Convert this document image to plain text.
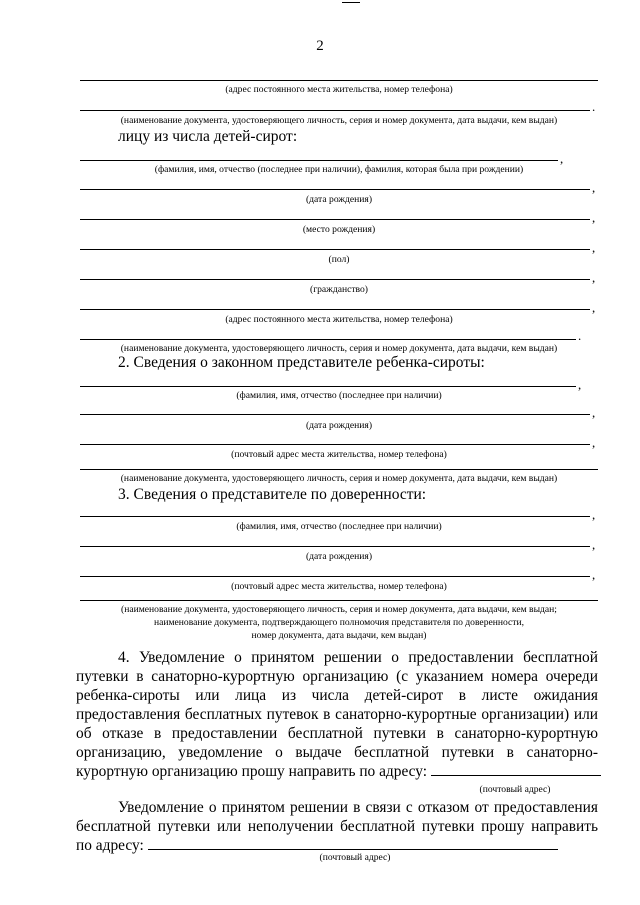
2
(адрес постоянного места жительства, номер телефона)
.
(наименование документа, удостоверяющего личность, серия и номер документа, дата выдачи, кем выдан)
лицу из числа детей-сирот:
,
(фамилия, имя, отчество (последнее при наличии), фамилия, которая была при рождении)
,
(дата рождения)
,
(место рождения)
,
(пол)
,
(гражданство)
,
(адрес постоянного места жительства, номер телефона)
.
(наименование документа, удостоверяющего личность, серия и номер документа, дата выдачи, кем выдан)
2. Сведения о законном представителе ребенка-сироты:
,
(фамилия, имя, отчество (последнее при наличии)
,
(дата рождения)
,
(почтовый адрес места жительства, номер телефона)
(наименование документа, удостоверяющего личность, серия и номер документа, дата выдачи, кем выдан)
3. Сведения о представителе по доверенности:
,
(фамилия, имя, отчество (последнее при наличии)
,
(дата рождения)
,
(почтовый адрес места жительства, номер телефона)
(наименование документа, удостоверяющего личность, серия и номер документа, дата выдачи, кем выдан;
наименование документа, подтверждающего полномочия представителя по доверенности,
номер документа, дата выдачи, кем выдан)
4. Уведомление о принятом решении о предоставлении бесплатной
путевки в санаторно-курортную организацию (с указанием номера очереди
ребенка-сироты или лица из числа детей-сирот в листе ожидания
предоставления бесплатных путевок в санаторно-курортные организации) или
об отказе в предоставлении бесплатной путевки в санаторно-курортную
организацию, уведомление о выдаче бесплатной путевки в санаторно-
курортную организацию прошу направить по адресу:
(почтовый адрес)
Уведомление о принятом решении в связи с отказом от предоставления
бесплатной путевки или неполучении бесплатной путевки прошу направить
по адресу:
(почтовый адрес)
